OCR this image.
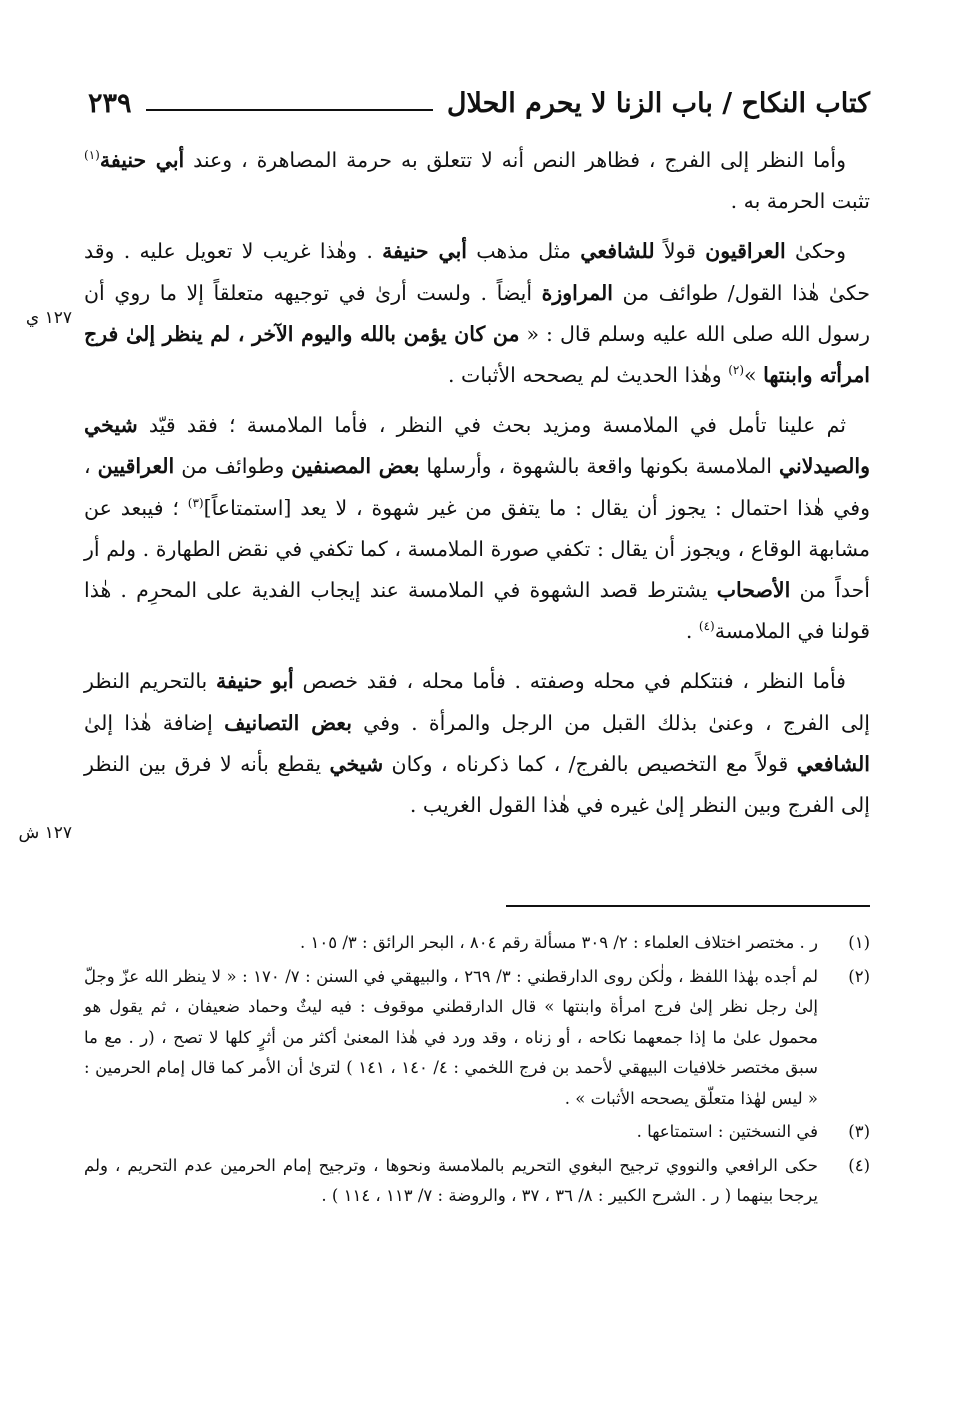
كتاب النكاح / باب الزنا لا يحرم الحلال
٢٣٩
١٢٧ ي
١٢٧ ش

وأما النظر إلى الفرج ، فظاهر النص أنه لا تتعلق به حرمة المصاهرة ، وعند أبي حنيفة$^{(١)}$ تثبت الحرمة به .

وحكىٰ العراقيون قولاً للشافعي مثل مذهب أبي حنيفة . وهٰذا غريب لا تعويل عليه . وقد حكىٰ هٰذا القول/ طوائف من المراوزة أيضاً . ولست أرىٰ في توجيهه متعلقاً إلا ما روي أن رسول الله صلى الله عليه وسلم قال : « من كان يؤمن بالله واليوم الآخر ، لم ينظر إلىٰ فرج امرأته وابنتها »$^{(٢)}$ وهٰذا الحديث لم يصححه الأثبات .

ثم علينا تأمل في الملامسة ومزيد بحث في النظر ، فأما الملامسة ؛ فقد قيّد شيخي والصيدلاني الملامسة بكونها واقعة بالشهوة ، وأرسلها بعض المصنفين وطوائف من العراقيين ، وفي هٰذا احتمال : يجوز أن يقال : ما يتفق من غير شهوة ، لا يعد [استمتاعاً]$^{(٣)}$ ؛ فيبعد عن مشابهة الوقاع ، ويجوز أن يقال : تكفي صورة الملامسة ، كما تكفي في نقض الطهارة . ولم أر أحداً من الأصحاب يشترط قصد الشهوة في الملامسة عند إيجاب الفدية على المحرِم . هٰذا قولنا في الملامسة$^{(٤)}$ .

فأما النظر ، فنتكلم في محله وصفته . فأما محله ، فقد خصص أبو حنيفة بالتحريم النظر إلى الفرج ، وعنىٰ بذلك القبل من الرجل والمرأة . وفي بعض التصانيف إضافة هٰذا إلىٰ الشافعي قولاً مع التخصيص بالفرج/ ، كما ذكرناه ، وكان شيخي يقطع بأنه لا فرق بين النظر إلى الفرج وبين النظر إلىٰ غيره في هٰذا القول الغريب .

(١)
ر . مختصر اختلاف العلماء : ٢/ ٣٠٩ مسألة رقم ٨٠٤ ، البحر الرائق : ٣/ ١٠٥ .
(٢)
لم أجده بهٰذا اللفظ ، ولٰكن روى الدارقطني : ٣/ ٢٦٩ ، والبيهقي في السنن : ٧/ ١٧٠ : « لا ينظر الله عزّ وجلّ إلىٰ رجل نظر إلىٰ فرج امرأة وابنتها » قال الدارقطني موقوف : فيه ليثٌ وحماد ضعيفان ، ثم يقول هو محمول علىٰ ما إذا جمعهما نكاحه ، أو زناه ، وقد ورد في هٰذا المعنىٰ أكثر من أثرٍ كلها لا تصح ، (ر . مع ما سبق مختصر خلافيات البيهقي لأحمد بن فرج اللخمي : ٤/ ١٤٠ ، ١٤١ ) لترىٰ أن الأمر كما قال إمام الحرمين : « ليس لهٰذا متعلّق يصححه الأثبات » .
(٣)
في النسختين : استمتاعها .
(٤)
حكى الرافعي والنووي ترجيح البغوي التحريم بالملامسة ونحوها ، وترجيح إمام الحرمين عدم التحريم ، ولم يرجحا بينهما ( ر . الشرح الكبير : ٨/ ٣٦ ، ٣٧ ، والروضة : ٧/ ١١٣ ، ١١٤ ) .
